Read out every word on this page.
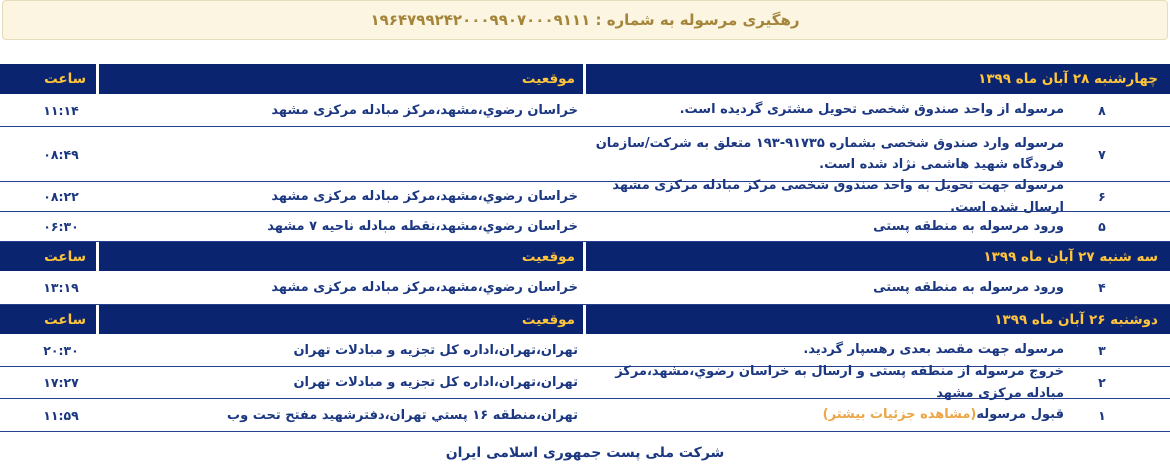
رهگیری مرسوله به شماره : ۱۹۶۴۷۹۹۲۴۲۰۰۰۹۹۰۷۰۰۰۹۱۱۱
چهارشنبه ۲۸ آبان ماه ۱۳۹۹
موقعیت
ساعت
۸
مرسوله از واحد صندوق شخصی تحویل مشتری گردیده است.
خراسان رضوي،مشهد،مرکز مبادله مرکزی مشهد
۱۱:۱۴
۷
مرسوله وارد صندوق شخصی بشماره ۹۱۷۳۵-۱۹۳ متعلق به شرکت/سازمان فرودگاه شهید هاشمی نژاد شده است.
۰۸:۴۹
۶
مرسوله جهت تحویل به واحد صندوق شخصی مرکز مبادله مرکزی مشهد ارسال شده است.
خراسان رضوي،مشهد،مرکز مبادله مرکزی مشهد
۰۸:۲۲
۵
ورود مرسوله به منطقه پستی
خراسان رضوي،مشهد،نقطه مبادله ناحیه ۷ مشهد
۰۶:۳۰
سه شنبه ۲۷ آبان ماه ۱۳۹۹
موقعیت
ساعت
۴
ورود مرسوله به منطقه پستی
خراسان رضوي،مشهد،مرکز مبادله مرکزی مشهد
۱۳:۱۹
دوشنبه ۲۶ آبان ماه ۱۳۹۹
موقعیت
ساعت
۳
مرسوله جهت مقصد بعدی رهسپار گردید.
تهران،تهران،اداره کل تجزیه و مبادلات تهران
۲۰:۳۰
۲
خروج مرسوله از منطقه پستی و ارسال به خراسان رضوي،مشهد،مرکز مبادله مرکزی مشهد
تهران،تهران،اداره کل تجزیه و مبادلات تهران
۱۷:۲۷
۱
قبول مرسوله(مشاهده جزئیات بیشتر)
تهران،منطقه ۱۶ پستي تهران،دفترشهید مفتح تحت وب
۱۱:۵۹
شرکت ملی پست جمهوری اسلامی ایران
